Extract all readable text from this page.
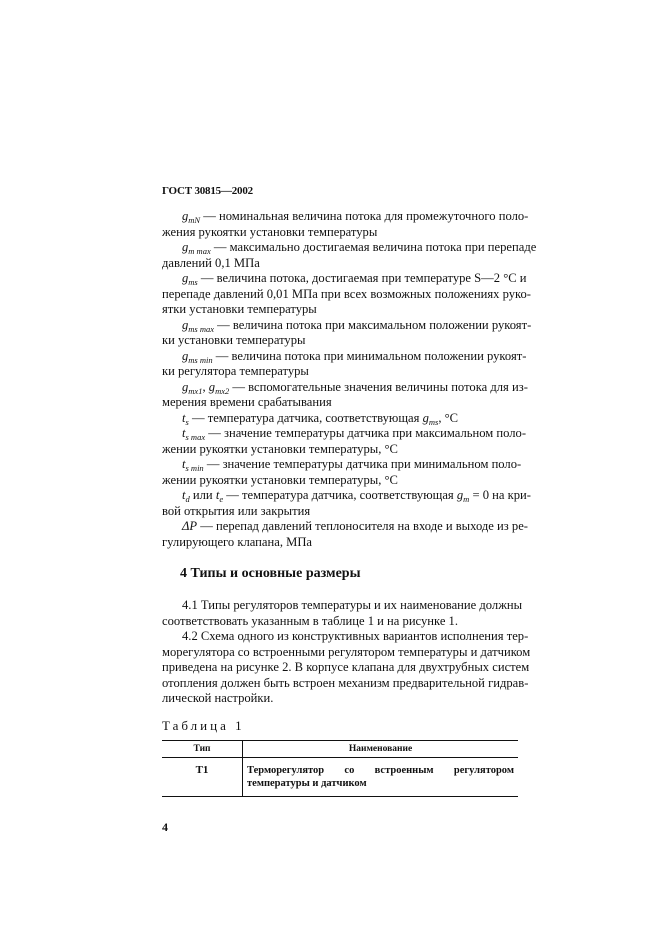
ГОСТ 30815—2002
$g_{mN}$ — номинальная величина потока для промежуточного поло-
жения рукоятки установки температуры
$g_{m max}$ — максимально достигаемая величина потока при перепаде
давлений 0,1 МПа
$g_{ms}$ — величина потока, достигаемая при температуре S—2 °С и
перепаде давлений 0,01 МПа при всех возможных положениях руко-
ятки установки температуры
$g_{ms max}$ — величина потока при максимальном положении рукоят-
ки установки температуры
$g_{ms min}$ — величина потока при минимальном положении рукоят-
ки регулятора температуры
$g_{mx1}$, $g_{mx2}$ — вспомогательные значения величины потока для из-
мерения времени срабатывания
$t_s$ — температура датчика, соответствующая $g_{ms}$, °С
$t_{s max}$ — значение температуры датчика при максимальном поло-
жении рукоятки установки температуры, °С
$t_{s min}$ — значение температуры датчика при минимальном поло-
жении рукоятки установки температуры, °С
$t_d$ или $t_e$ — температура датчика, соответствующая $g_m = 0$ на кри-
вой открытия или закрытия
ΔP — перепад давлений теплоносителя на входе и выходе из ре-
гулирующего клапана, МПа
4 Типы и основные размеры
4.1 Типы регуляторов температуры и их наименование должны
соответствовать указанным в таблице 1 и на рисунке 1.
4.2 Схема одного из конструктивных вариантов исполнения тер-
морегулятора со встроенными регулятором температуры и датчиком
приведена на рисунке 2. В корпусе клапана для двухтрубных систем
отопления должен быть встроен механизм предварительной гидрав-
лической настройки.
Таблица 1
Тип	Наименование
Т1	Терморегулятор со встроенным регулятором температуры и датчиком
4
